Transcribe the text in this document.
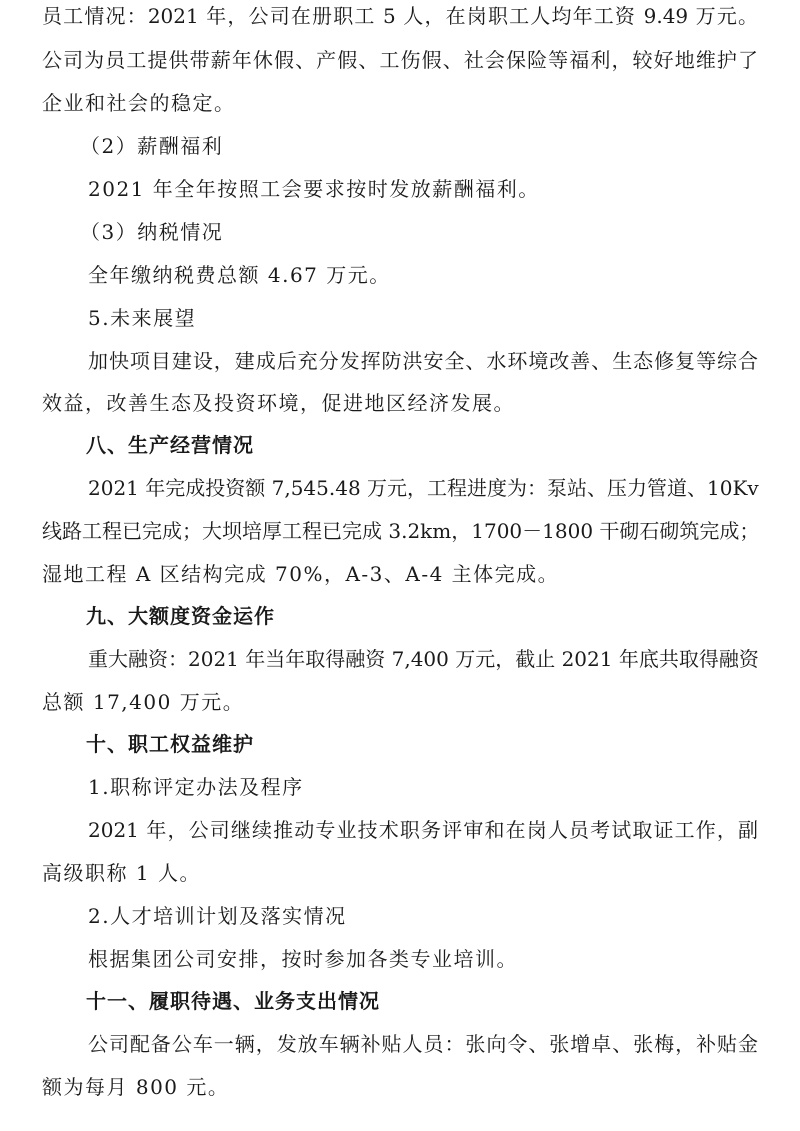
员工情况：2021 年，公司在册职工 5 人，在岗职工人均年工资 9.49 万元。
公司为员工提供带薪年休假、产假、工伤假、社会保险等福利，较好地维护了
企业和社会的稳定。
（2）薪酬福利
2021 年全年按照工会要求按时发放薪酬福利。
（3）纳税情况
全年缴纳税费总额 4.67 万元。
5.未来展望
加快项目建设，建成后充分发挥防洪安全、水环境改善、生态修复等综合
效益，改善生态及投资环境，促进地区经济发展。
八、生产经营情况
2021 年完成投资额 7,545.48 万元，工程进度为：泵站、压力管道、10Kv
线路工程已完成；大坝培厚工程已完成 3.2km，1700－1800 干砌石砌筑完成；
湿地工程 A 区结构完成 70%，A-3、A-4 主体完成。
九、大额度资金运作
重大融资：2021 年当年取得融资 7,400 万元，截止 2021 年底共取得融资
总额 17,400 万元。
十、职工权益维护
1.职称评定办法及程序
2021 年，公司继续推动专业技术职务评审和在岗人员考试取证工作，副
高级职称 1 人。
2.人才培训计划及落实情况
根据集团公司安排，按时参加各类专业培训。
十一、履职待遇、业务支出情况
公司配备公车一辆，发放车辆补贴人员：张向令、张增卓、张梅，补贴金
额为每月 800 元。
